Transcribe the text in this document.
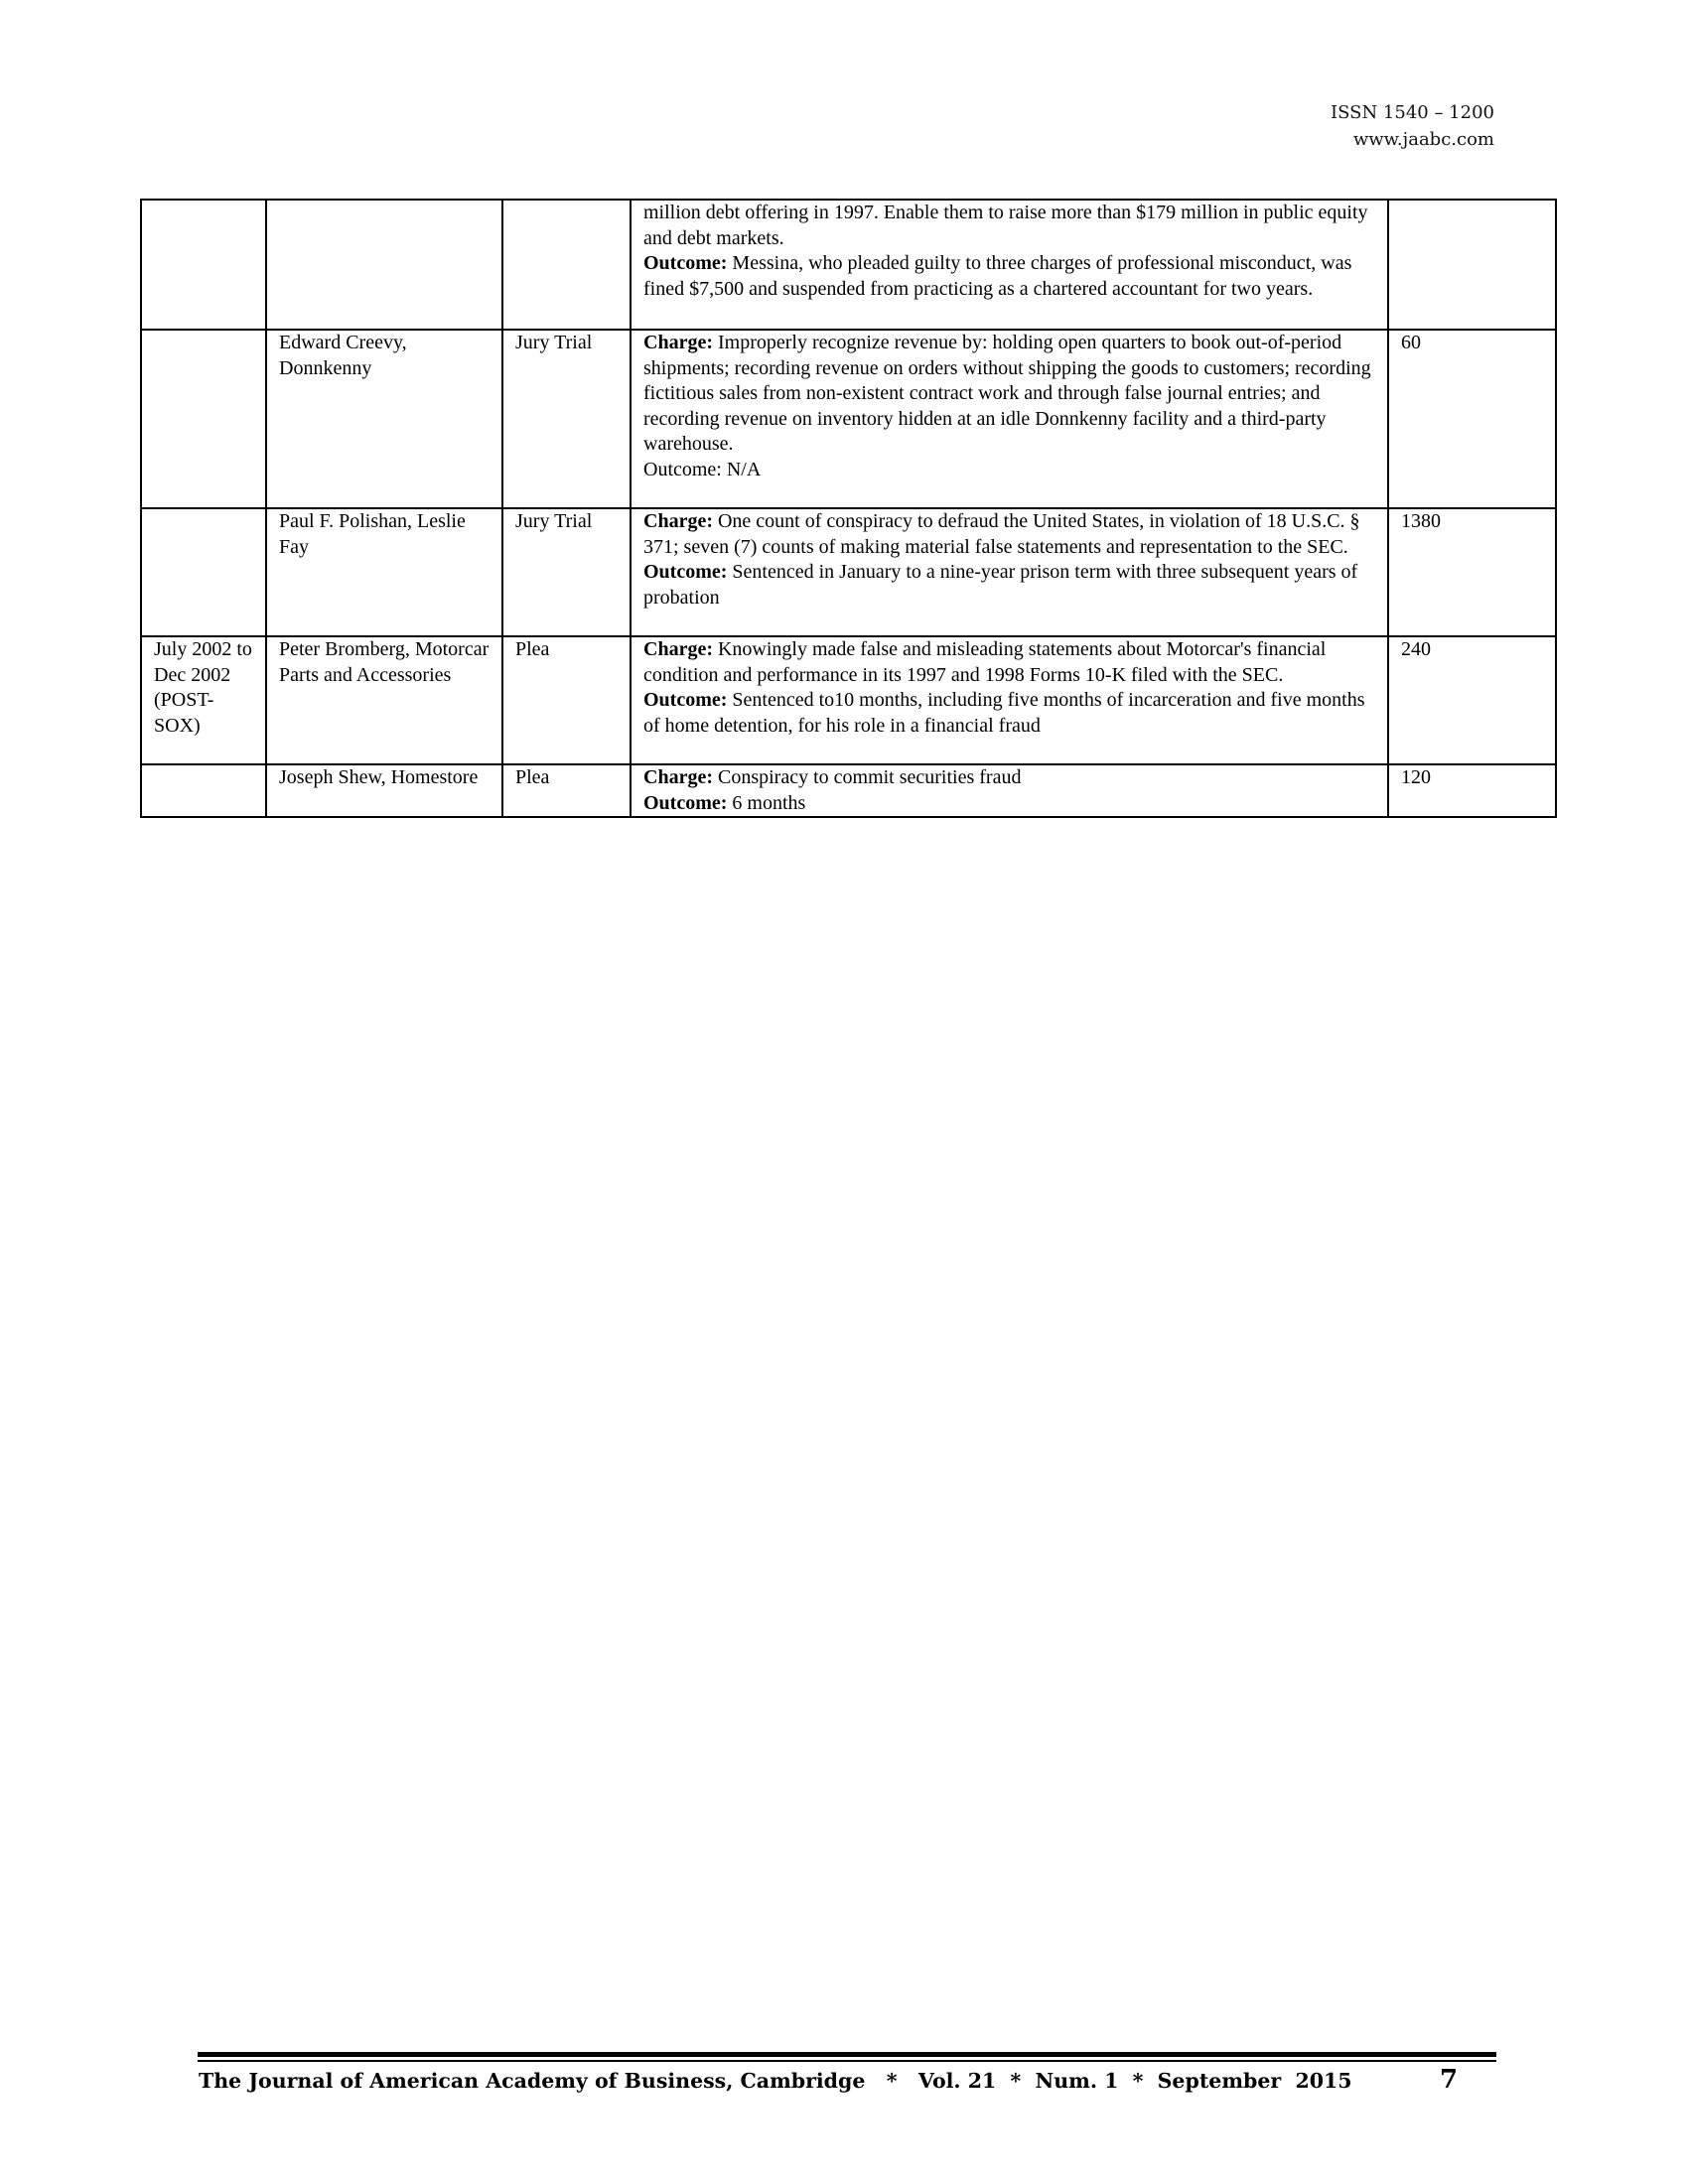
ISSN 1540 – 1200
www.jaabc.com

			million debt offering in 1997. Enable them to raise more than $179 million in public equity and debt markets.
Outcome: Messina, who pleaded guilty to three charges of professional misconduct, was fined $7,500 and suspended from practicing as a chartered accountant for two years.	

	Edward Creevy, Donnkenny	Jury Trial	Charge: Improperly recognize revenue by: holding open quarters to book out-of-period shipments; recording revenue on orders without shipping the goods to customers; recording fictitious sales from non-existent contract work and through false journal entries; and recording revenue on inventory hidden at an idle Donnkenny facility and a third-party warehouse.
Outcome: N/A	60
	Paul F. Polishan, Leslie Fay	Jury Trial	Charge: One count of conspiracy to defraud the United States, in violation of 18 U.S.C. § 371; seven (7) counts of making material false statements and representation to the SEC.
Outcome: Sentenced in January to a nine-year prison term with three subsequent years of probation	1380
July 2002 to Dec 2002 (POST-SOX)	Peter Bromberg, Motorcar Parts and Accessories	Plea	Charge: Knowingly made false and misleading statements about Motorcar's financial condition and performance in its 1997 and 1998 Forms 10-K filed with the SEC.
Outcome: Sentenced to10 months, including five months of incarceration and five months of home detention, for his role in a financial fraud	240
	Joseph Shew, Homestore	Plea	Charge: Conspiracy to commit securities fraud
Outcome: 6 months	120
The Journal of American Academy of Business, Cambridge   *   Vol. 21  *  Num. 1  *  September  2015	7
